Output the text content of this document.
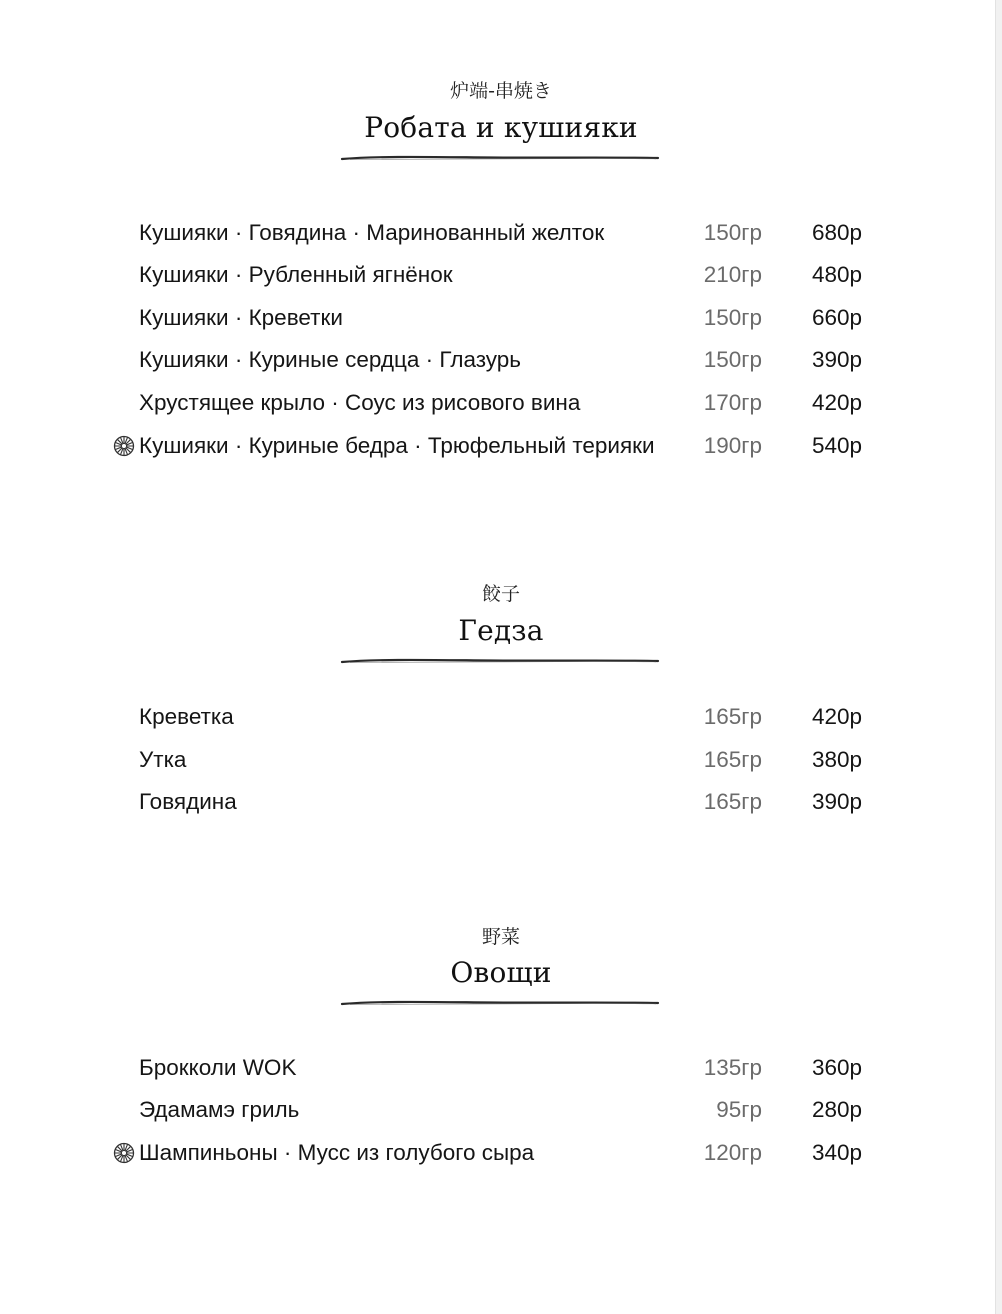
炉端-串焼き
Робата и кушияки
Кушияки · Говядина · Маринованный желток	150гр 680р
Кушияки · Рубленный ягнёнок	210гр 480р
Кушияки · Креветки	150гр 660р
Кушияки · Куриные сердца · Глазурь	150гр 390р
Хрустящее крыло · Соус из рисового вина	170гр 420р
Кушияки · Куриные бедра · Трюфельный терияки 190гр 540р
餃子
Гедза
Креветка	165гр 420р
Утка	165гр 380р
Говядина	165гр 390р
野菜
Овощи
Брокколи WOK	135гр 360р
Эдамамэ гриль	95гр 280р
Шампиньоны · Мусс из голубого сыра	120гр 340р
